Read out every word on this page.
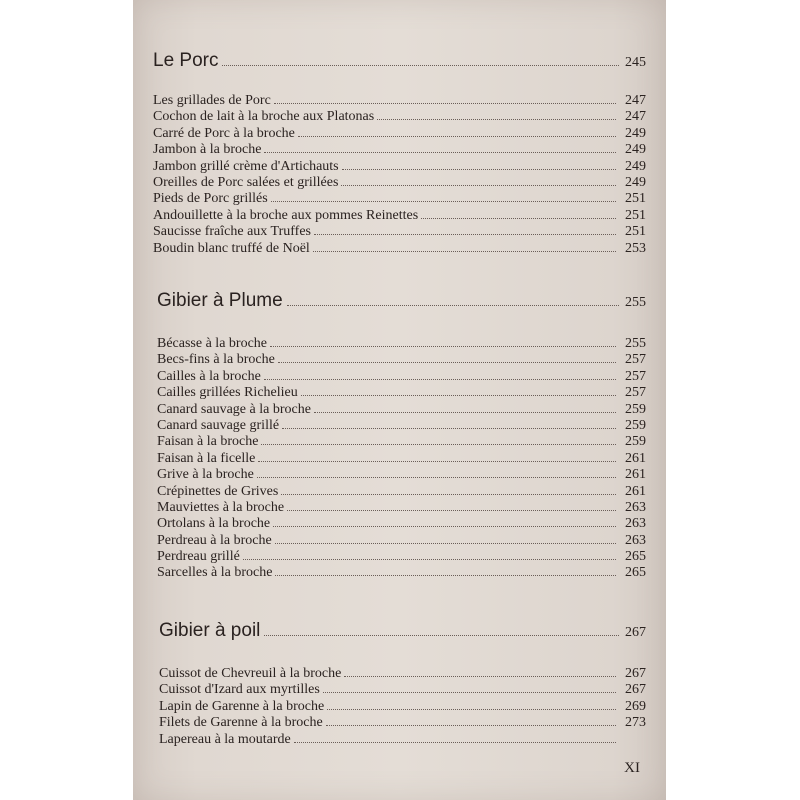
Le Porc	245
Les grillades de Porc	247
Cochon de lait à la broche aux Platonas	247
Carré de Porc à la broche	249
Jambon à la broche	249
Jambon grillé crème d'Artichauts	249
Oreilles de Porc salées et grillées	249
Pieds de Porc grillés	251
Andouillette à la broche aux pommes Reinettes	251
Saucisse fraîche aux Truffes	251
Boudin blanc truffé de Noël	253
Gibier à Plume	255
Bécasse à la broche	255
Becs-fins à la broche	257
Cailles à la broche	257
Cailles grillées Richelieu	257
Canard sauvage à la broche	259
Canard sauvage grillé	259
Faisan à la broche	259
Faisan à la ficelle	261
Grive à la broche	261
Crépinettes de Grives	261
Mauviettes à la broche	263
Ortolans à la broche	263
Perdreau à la broche	263
Perdreau grillé	265
Sarcelles à la broche	265
Gibier à poil	267
Cuissot de Chevreuil à la broche	267
Cuissot d'Izard aux myrtilles	267
Lapin de Garenne à la broche	269
Filets de Garenne à la broche	273
Lapereau à la moutarde
XI
